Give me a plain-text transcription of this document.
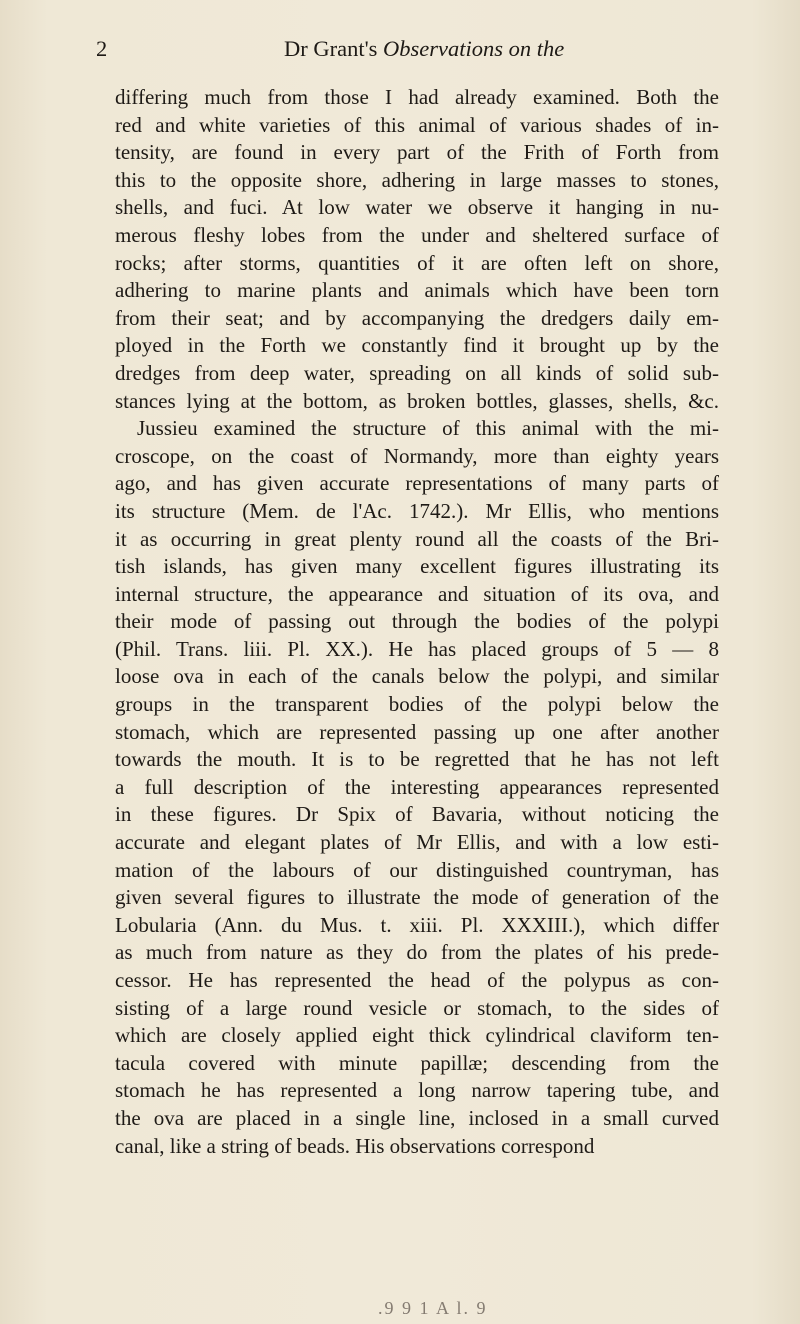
2	Dr Grant's Observations on the
differing much from those I had already examined. Both the
red and white varieties of this animal of various shades of in-
tensity, are found in every part of the Frith of Forth from
this to the opposite shore, adhering in large masses to stones,
shells, and fuci. At low water we observe it hanging in nu-
merous fleshy lobes from the under and sheltered surface of
rocks; after storms, quantities of it are often left on shore,
adhering to marine plants and animals which have been torn
from their seat; and by accompanying the dredgers daily em-
ployed in the Forth we constantly find it brought up by the
dredges from deep water, spreading on all kinds of solid sub-
stances lying at the bottom, as broken bottles, glasses, shells, &c.
Jussieu examined the structure of this animal with the mi-
croscope, on the coast of Normandy, more than eighty years
ago, and has given accurate representations of many parts of
its structure (Mem. de l'Ac. 1742.). Mr Ellis, who mentions
it as occurring in great plenty round all the coasts of the Bri-
tish islands, has given many excellent figures illustrating its
internal structure, the appearance and situation of its ova, and
their mode of passing out through the bodies of the polypi
(Phil. Trans. liii. Pl. XX.). He has placed groups of 5 — 8
loose ova in each of the canals below the polypi, and similar
groups in the transparent bodies of the polypi below the
stomach, which are represented passing up one after another
towards the mouth. It is to be regretted that he has not left
a full description of the interesting appearances represented
in these figures. Dr Spix of Bavaria, without noticing the
accurate and elegant plates of Mr Ellis, and with a low esti-
mation of the labours of our distinguished countryman, has
given several figures to illustrate the mode of generation of the
Lobularia (Ann. du Mus. t. xiii. Pl. XXXIII.), which differ
as much from nature as they do from the plates of his prede-
cessor. He has represented the head of the polypus as con-
sisting of a large round vesicle or stomach, to the sides of
which are closely applied eight thick cylindrical claviform ten-
tacula covered with minute papillæ; descending from the
stomach he has represented a long narrow tapering tube, and
the ova are placed in a single line, inclosed in a small curved
canal, like a string of beads. His observations correspond
.9 9 1 A l. 9
